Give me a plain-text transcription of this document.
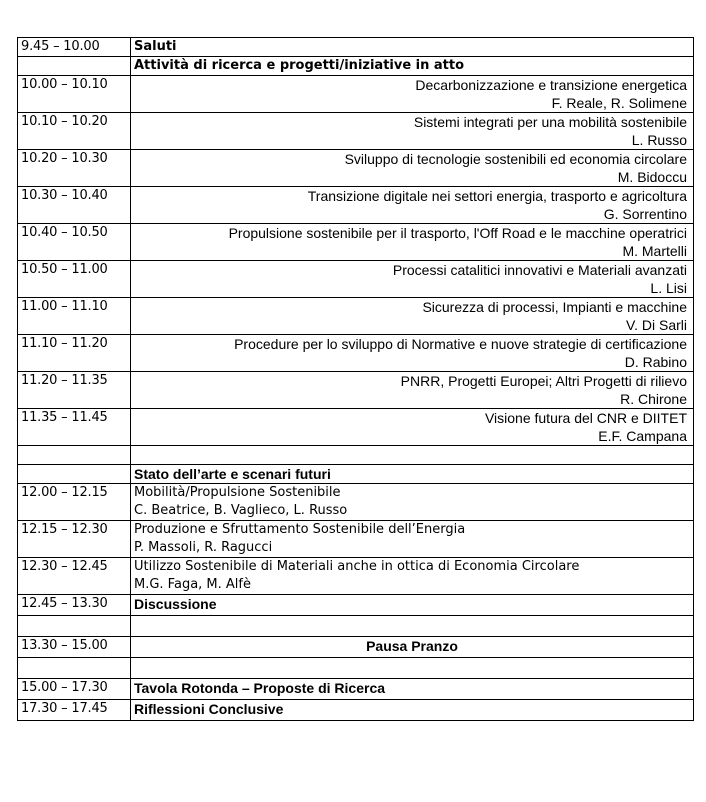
9.45 – 10.00	Saluti

	Attività di ricerca e progetti/iniziative in atto

10.00 – 10.10	Decarbonizzazione e transizione energetica
F. Reale, R. Solimene

10.10 – 10.20	Sistemi integrati per una mobilità sostenibile
L. Russo

10.20 – 10.30	Sviluppo di tecnologie sostenibili ed economia circolare
M. Bidoccu

10.30 – 10.40	Transizione digitale nei settori energia, trasporto e agricoltura
G. Sorrentino

10.40 – 10.50	Propulsione sostenibile per il trasporto, l'Off Road e le macchine operatrici
M. Martelli

10.50 – 11.00	Processi catalitici innovativi e Materiali avanzati
L. Lisi

11.00 – 11.10	Sicurezza di processi, Impianti e macchine
V. Di Sarli

11.10 – 11.20	Procedure per lo sviluppo di Normative e nuove strategie di certificazione
D. Rabino

11.20 – 11.35	PNRR, Progetti Europei; Altri Progetti di rilievo
R. Chirone

11.35 – 11.45	Visione futura del CNR e DIITET
E.F. Campana

	Stato dell’arte e scenari futuri

12.00 – 12.15	Mobilità/Propulsione Sostenibile
C. Beatrice, B. Vaglieco, L. Russo

12.15 – 12.30	Produzione e Sfruttamento Sostenibile dell’Energia
P. Massoli, R. Ragucci

12.30 – 12.45	Utilizzo Sostenibile di Materiali anche in ottica di Economia Circolare
M.G. Faga, M. Alfè

12.45 – 13.30	Discussione

13.30 – 15.00	Pausa Pranzo

15.00 – 17.30	Tavola Rotonda – Proposte di Ricerca

17.30 – 17.45	Riflessioni Conclusive
